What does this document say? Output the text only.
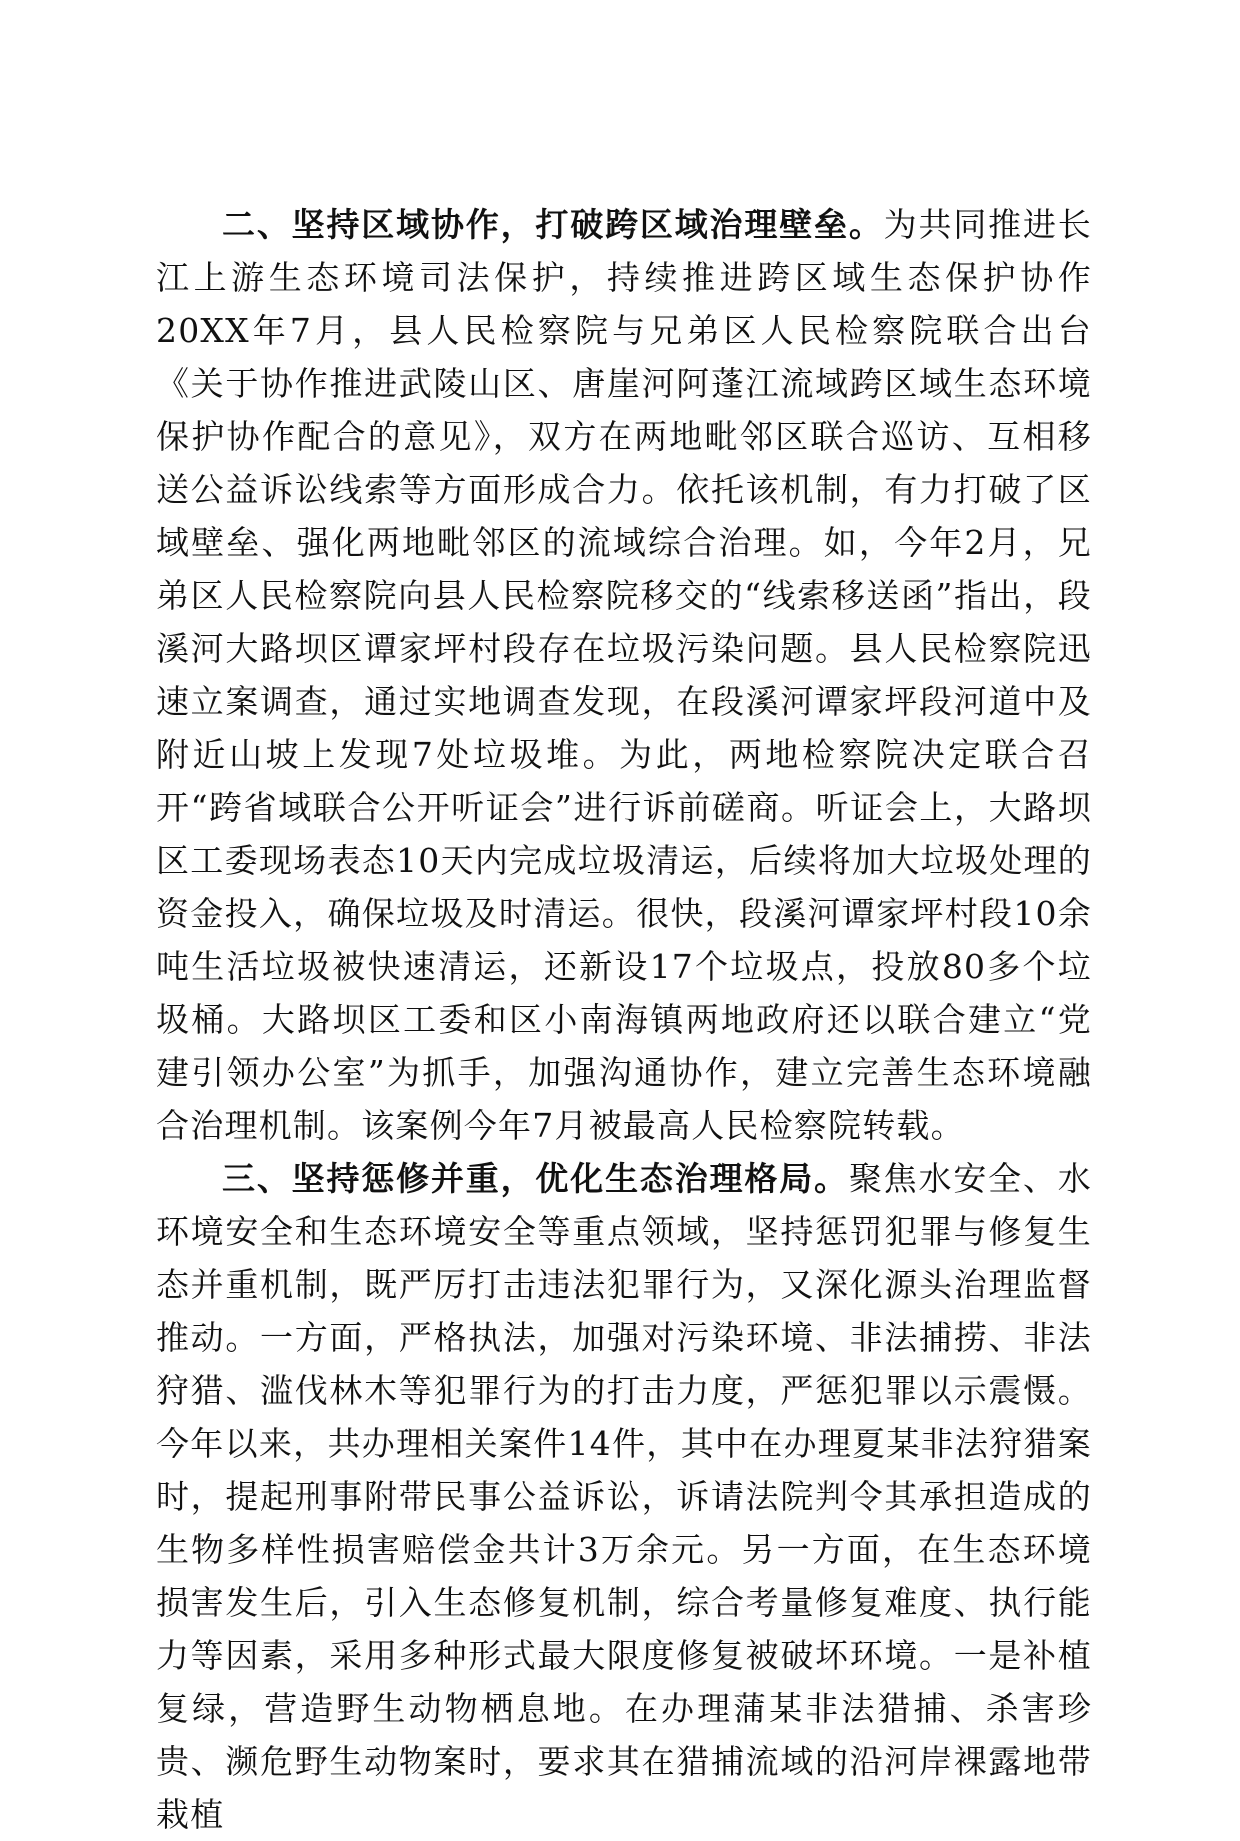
二、坚持区域协作，打破跨区域治理壁垒。为共同推进长江上游生态环境司法保护，持续推进跨区域生态保护协作20XX年7月，县人民检察院与兄弟区人民检察院联合出台《关于协作推进武陵山区、唐崖河阿蓬江流域跨区域生态环境保护协作配合的意见》，双方在两地毗邻区联合巡访、互相移送公益诉讼线索等方面形成合力。依托该机制，有力打破了区域壁垒、强化两地毗邻区的流域综合治理。如，今年2月，兄弟区人民检察院向县人民检察院移交的“线索移送函”指出，段溪河大路坝区谭家坪村段存在垃圾污染问题。县人民检察院迅速立案调查，通过实地调查发现，在段溪河谭家坪段河道中及附近山坡上发现7处垃圾堆。为此，两地检察院决定联合召开“跨省域联合公开听证会”进行诉前磋商。听证会上，大路坝区工委现场表态10天内完成垃圾清运，后续将加大垃圾处理的资金投入，确保垃圾及时清运。很快，段溪河谭家坪村段10余吨生活垃圾被快速清运，还新设17个垃圾点，投放80多个垃圾桶。大路坝区工委和区小南海镇两地政府还以联合建立“党建引领办公室”为抓手，加强沟通协作，建立完善生态环境融合治理机制。该案例今年7月被最高人民检察院转载。

三、坚持惩修并重，优化生态治理格局。聚焦水安全、水环境安全和生态环境安全等重点领域，坚持惩罚犯罪与修复生态并重机制，既严厉打击违法犯罪行为，又深化源头治理监督推动。一方面，严格执法，加强对污染环境、非法捕捞、非法狩猎、滥伐林木等犯罪行为的打击力度，严惩犯罪以示震慑。今年以来，共办理相关案件14件，其中在办理夏某非法狩猎案时，提起刑事附带民事公益诉讼，诉请法院判令其承担造成的生物多样性损害赔偿金共计3万余元。另一方面，在生态环境损害发生后，引入生态修复机制，综合考量修复难度、执行能力等因素，采用多种形式最大限度修复被破坏环境。一是补植复绿，营造野生动物栖息地。在办理蒲某非法猎捕、杀害珍贵、濒危野生动物案时，要求其在猎捕流域的沿河岸裸露地带栽植
